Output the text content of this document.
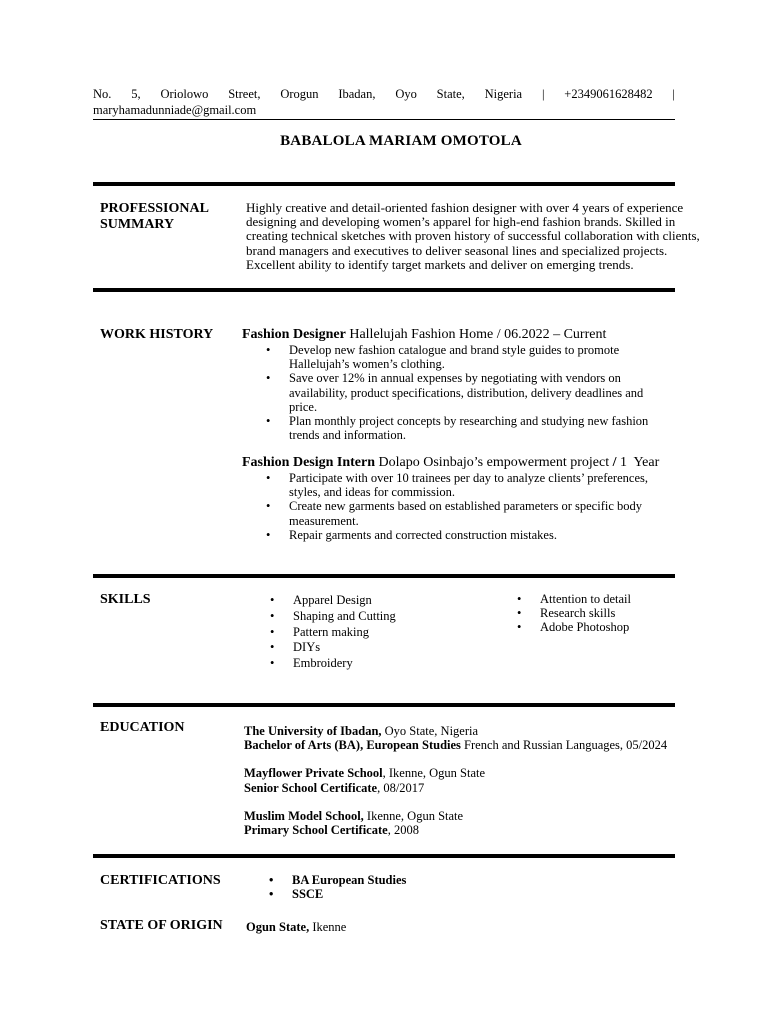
No. 5, Oriolowo Street, Orogun Ibadan, Oyo State, Nigeria | +2349061628482 |
maryhamadunniade@gmail.com
BABALOLA MARIAM OMOTOLA
PROFESSIONAL
SUMMARY
Highly creative and detail-oriented fashion designer with over 4 years of experience
designing and developing women’s apparel for high-end fashion brands. Skilled in
creating technical sketches with proven history of successful collaboration with clients,
brand managers and executives to deliver seasonal lines and specialized projects.
Excellent ability to identify target markets and deliver on emerging trends.
WORK HISTORY Fashion Designer Hallelujah Fashion Home / 06.2022 – Current
• Develop new fashion catalogue and brand style guides to promote
Hallelujah’s women’s clothing.
• Save over 12% in annual expenses by negotiating with vendors on
availability, product specifications, distribution, delivery deadlines and
price.
• Plan monthly project concepts by researching and studying new fashion
trends and information.
Fashion Design Intern Dolapo Osinbajo’s empowerment project / 1  Year
• Participate with over 10 trainees per day to analyze clients’ preferences,
styles, and ideas for commission.
• Create new garments based on established parameters or specific body
measurement.
• Repair garments and corrected construction mistakes.
SKILLS	• Apparel Design
• Shaping and Cutting
• Pattern making
• DIYs
• Embroidery
• Attention to detail
• Research skills
• Adobe Photoshop
EDUCATION	The University of Ibadan, Oyo State, Nigeria
Bachelor of Arts (BA), European Studies French and Russian Languages, 05/2024
Mayflower Private School, Ikenne, Ogun State
Senior School Certificate, 08/2017
Muslim Model School, Ikenne, Ogun State
Primary School Certificate, 2008
CERTIFICATIONS	• BA European Studies
• SSCE
STATE OF ORIGIN Ogun State, Ikenne
